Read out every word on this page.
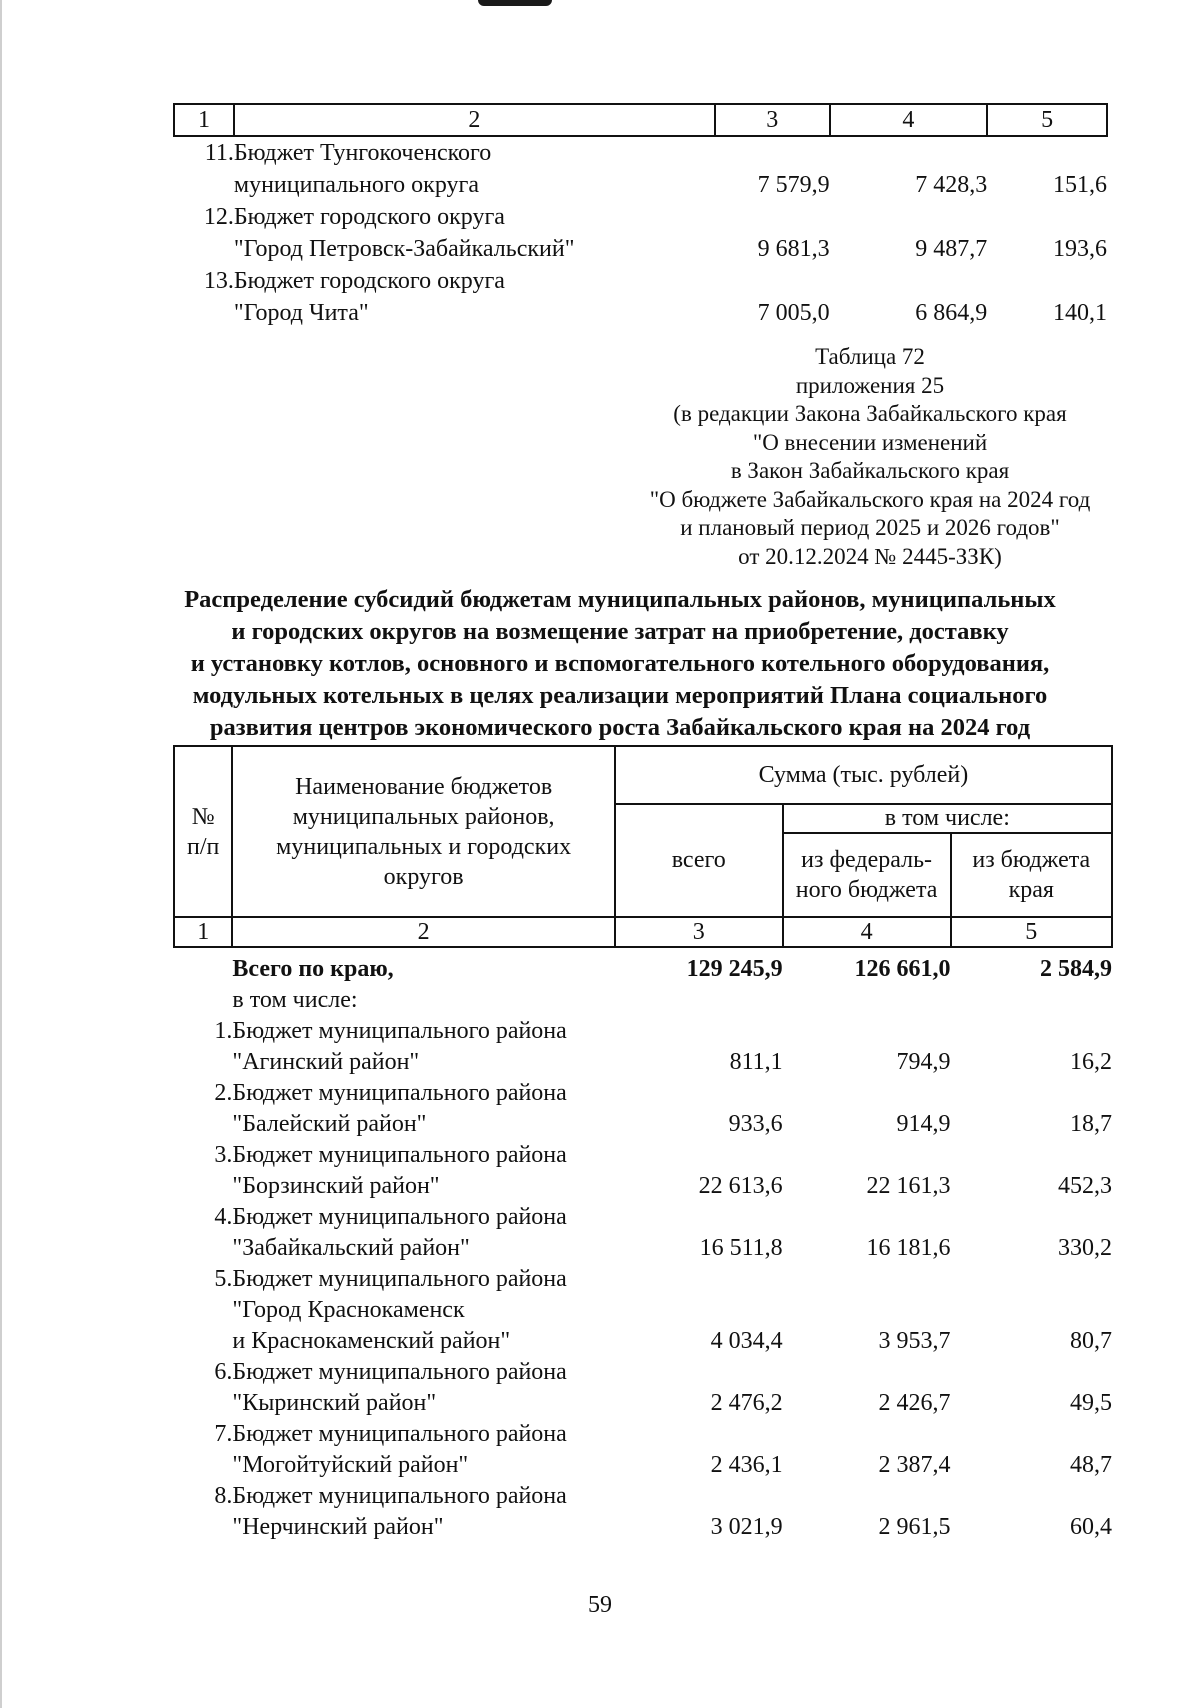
1	2	3	4	5
11.	Бюджет Тунгокоченского
муниципального округа	7 579,9	7 428,3	151,6
12.	Бюджет городского округа
"Город Петровск-Забайкальский"	9 681,3	9 487,7	193,6
13.	Бюджет городского округа
"Город Чита"	7 005,0	6 864,9	140,1
Таблица 72
приложения 25
(в редакции Закона Забайкальского края
"О внесении изменений
в Закон Забайкальского края
"О бюджете Забайкальского края на 2024 год
и плановый период 2025 и 2026 годов"
от 20.12.2024 № 2445-ЗЗК)
Распределение субсидий бюджетам муниципальных районов, муниципальных
и городских округов на возмещение затрат на приобретение, доставку
и установку котлов, основного и вспомогательного котельного оборудования,
модульных котельных в целях реализации мероприятий Плана социального
развития центров экономического роста Забайкальского края на 2024 год
№ п/п	Наименование бюджетов муниципальных районов, муниципальных и городских округов	Сумма (тыс. рублей)		
		всего	в том числе:	
			из федераль-ного бюджета	из бюджета края
1	2	3	4	5
	Всего по краю,	129 245,9	126 661,0	2 584,9
	в том числе:			
1.	Бюджет муниципального района
"Агинский район"	811,1	794,9	16,2
2.	Бюджет муниципального района
"Балейский район"	933,6	914,9	18,7
3.	Бюджет муниципального района
"Борзинский район"	22 613,6	22 161,3	452,3
4.	Бюджет муниципального района
"Забайкальский район"	16 511,8	16 181,6	330,2
5.	Бюджет муниципального района
"Город Краснокаменск
и Краснокаменский район"	4 034,4	3 953,7	80,7
6.	Бюджет муниципального района
"Кыринский район"	2 476,2	2 426,7	49,5
7.	Бюджет муниципального района
"Могойтуйский район"	2 436,1	2 387,4	48,7
8.	Бюджет муниципального района
"Нерчинский район"	3 021,9	2 961,5	60,4
59
